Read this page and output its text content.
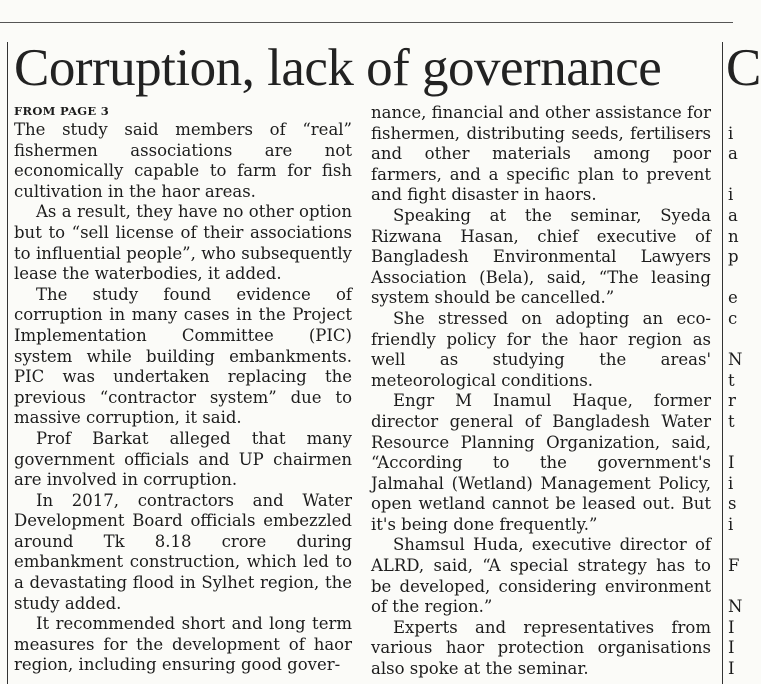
Corruption, lack of governance C
FROM PAGE 3

The study said members of “real” fishermen associations are not economically capable to farm for fish cultivation in the haor areas.

As a result, they have no other option but to “sell license of their associations to influential people”, who subsequently lease the waterbodies, it added.

The study found evidence of corruption in many cases in the Project Implementation Committee (PIC) system while building embankments. PIC was undertaken replacing the previous “contractor system” due to massive corruption, it said.

Prof Barkat alleged that many government officials and UP chairmen are involved in corruption.

In 2017, contractors and Water Development Board officials embezzled around Tk 8.18 crore during embankment construction, which led to a devastating flood in Sylhet region, the study added.

It recommended short and long term measures for the development of haor region, including ensuring good gover-

nance, financial and other assistance for fishermen, distributing seeds, fertilisers and other materials among poor farmers, and a specific plan to prevent and fight disaster in haors.

Speaking at the seminar, Syeda Rizwana Hasan, chief executive of Bangladesh Environmental Lawyers Association (Bela), said, “The leasing system should be cancelled.”

She stressed on adopting an eco-friendly policy for the haor region as well as studying the areas' meteorological conditions.

Engr M Inamul Haque, former director general of Bangladesh Water Resource Planning Organization, said, “According to the government's Jalmahal (Wetland) Management Policy, open wetland cannot be leased out. But it's being done frequently.”

Shamsul Huda, executive director of ALRD, said, “A special strategy has to be developed, considering environment of the region.”

Experts and representatives from various haor protection organisations also spoke at the seminar.

i
a
i
a
n
p
e
c
N
t
r
t
I
i
s
i
F
N
I
I
I
